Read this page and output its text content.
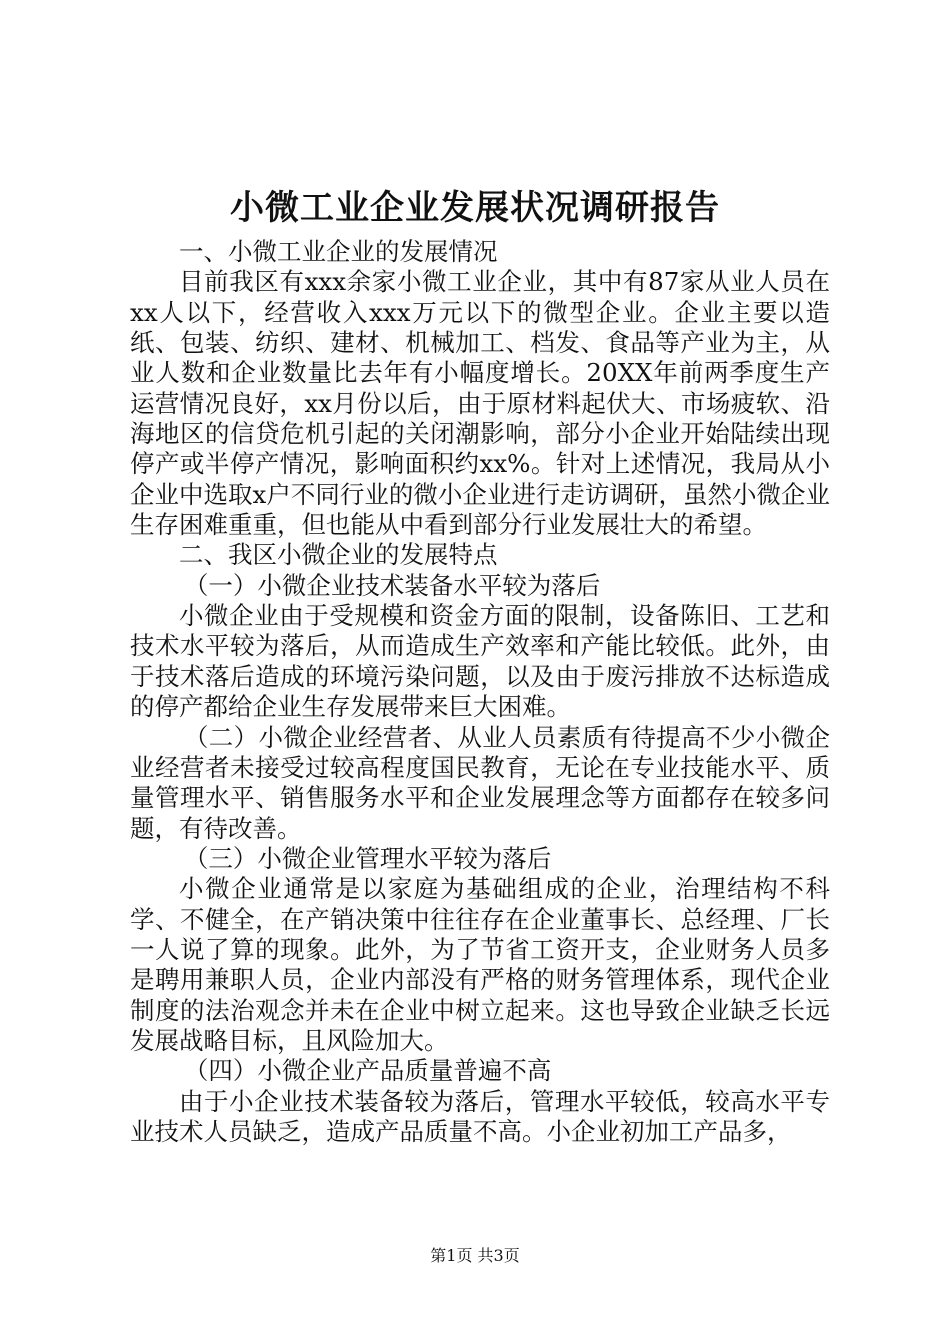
小微工业企业发展状况调研报告

一、小微工业企业的发展情况

目前我区有xxx余家小微工业企业，其中有87家从业人员在xx人以下，经营收入xxx万元以下的微型企业。企业主要以造纸、包装、纺织、建材、机械加工、档发、食品等产业为主，从业人数和企业数量比去年有小幅度增长。20XX年前两季度生产运营情况良好，xx月份以后，由于原材料起伏大、市场疲软、沿海地区的信贷危机引起的关闭潮影响，部分小企业开始陆续出现停产或半停产情况，影响面积约xx%。针对上述情况，我局从小企业中选取x户不同行业的微小企业进行走访调研，虽然小微企业生存困难重重，但也能从中看到部分行业发展壮大的希望。

二、我区小微企业的发展特点

（一）小微企业技术装备水平较为落后

小微企业由于受规模和资金方面的限制，设备陈旧、工艺和技术水平较为落后，从而造成生产效率和产能比较低。此外，由于技术落后造成的环境污染问题，以及由于废污排放不达标造成的停产都给企业生存发展带来巨大困难。

（二）小微企业经营者、从业人员素质有待提高不少小微企业经营者未接受过较高程度国民教育，无论在专业技能水平、质量管理水平、销售服务水平和企业发展理念等方面都存在较多问题，有待改善。

（三）小微企业管理水平较为落后

小微企业通常是以家庭为基础组成的企业，治理结构不科学、不健全，在产销决策中往往存在企业董事长、总经理、厂长一人说了算的现象。此外，为了节省工资开支，企业财务人员多是聘用兼职人员，企业内部没有严格的财务管理体系，现代企业制度的法治观念并未在企业中树立起来。这也导致企业缺乏长远发展战略目标，且风险加大。

（四）小微企业产品质量普遍不高

由于小企业技术装备较为落后，管理水平较低，较高水平专业技术人员缺乏，造成产品质量不高。小企业初加工产品多，

第1页 共3页
